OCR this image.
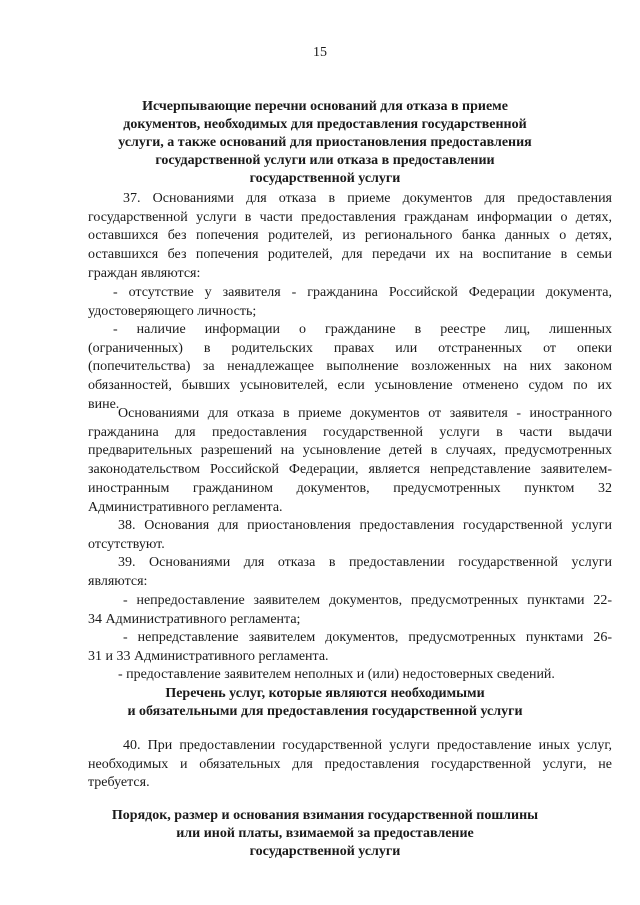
15
Исчерпывающие перечни оснований для отказа в приеме
документов, необходимых для предоставления государственной
услуги, а также оснований для приостановления предоставления
государственной услуги или отказа в предоставлении
государственной услуги
37. Основаниями для отказа в приеме документов для предоставления
государственной услуги в части предоставления гражданам информации о детях,
оставшихся без попечения родителей, из регионального банка данных о детях,
оставшихся без попечения родителей, для передачи их на воспитание в семьи
граждан являются:
- отсутствие у заявителя - гражданина Российской Федерации документа,
удостоверяющего личность;
- наличие информации о гражданине в реестре лиц, лишенных
(ограниченных) в родительских правах или отстраненных от опеки
(попечительства) за ненадлежащее выполнение возложенных на них законом
обязанностей, бывших усыновителей, если усыновление отменено судом по их
вине.
Основаниями для отказа в приеме документов от заявителя - иностранного
гражданина для предоставления государственной услуги в части выдачи
предварительных разрешений на усыновление детей в случаях, предусмотренных
законодательством Российской Федерации, является непредставление заявителем-
иностранным гражданином документов, предусмотренных пунктом 32
Административного регламента.
38. Основания для приостановления предоставления государственной услуги
отсутствуют.
39. Основаниями для отказа в предоставлении государственной услуги
являются:
- непредоставление заявителем документов, предусмотренных пунктами 22-
34 Административного регламента;
- непредставление заявителем документов, предусмотренных пунктами 26-
31 и 33 Административного регламента.
- предоставление заявителем неполных и (или) недостоверных сведений.
Перечень услуг, которые являются необходимыми
и обязательными для предоставления государственной услуги
40. При предоставлении государственной услуги предоставление иных услуг,
необходимых и обязательных для предоставления государственной услуги, не
требуется.
Порядок, размер и основания взимания государственной пошлины
или иной платы, взимаемой за предоставление
государственной услуги
